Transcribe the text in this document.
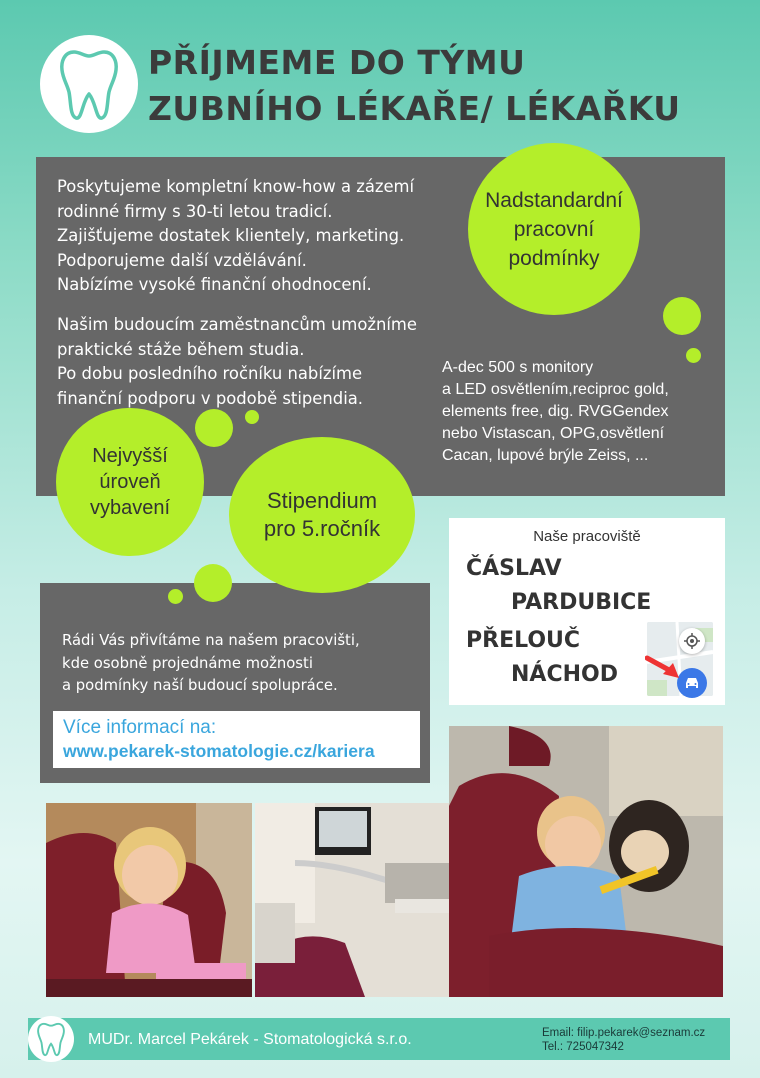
PŘÍJMEME DO TÝMU
ZUBNÍHO LÉKAŘE/ LÉKAŘKU
Poskytujeme kompletní know-how a zázemí
rodinné firmy s 30-ti letou tradicí.
Zajišťujeme dostatek klientely, marketing.
Podporujeme další vzdělávání.
Nabízíme vysoké finanční ohodnocení.
Našim budoucím zaměstnancům umožníme
praktické stáže během studia.
Po dobu posledního ročníku nabízíme
finanční podporu v podobě stipendia.
A-dec 500 s monitory
a LED osvětlením,reciproc gold,
elements free, dig. RVGGendex
nebo Vistascan, OPG,osvětlení
Cacan, lupové brýle Zeiss, ...
Nadstandardní
pracovní
podmínky
Nejvyšší
úroveň
vybavení	Stipendium
pro 5.ročník
Rádi Vás přivítáme na našem pracovišti,
kde osobně projednáme možnosti
a podmínky naší budoucí spolupráce.
Více informací na:
www.pekarek-stomatologie.cz/kariera
Naše pracoviště
ČÁSLAV
PARDUBICE
PŘELOUČ
NÁCHOD
MUDr. Marcel Pekárek - Stomatologická s.r.o.	Email: filip.pekarek@seznam.cz
Tel.: 725047342
